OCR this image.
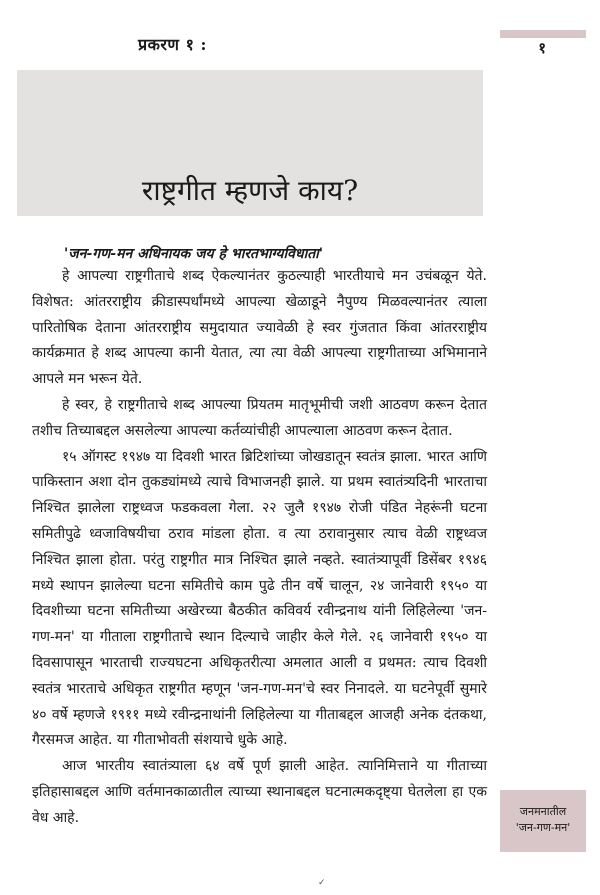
प्रकरण १ :	१
राष्ट्रगीत म्हणजे काय?
'जन-गण-मन अधिनायक जय हे भारतभाग्यविधाता'

हे आपल्या राष्ट्रगीताचे शब्द ऐकल्यानंतर कुठल्याही भारतीयाचे मन उचंबळून येते. विशेषत: आंतरराष्ट्रीय क्रीडास्पर्धांमध्ये आपल्या खेळाडूने नैपुण्य मिळवल्यानंतर त्याला पारितोषिक देताना आंतरराष्ट्रीय समुदायात ज्यावेळी हे स्वर गुंजतात किंवा आंतरराष्ट्रीय कार्यक्रमात हे शब्द आपल्या कानी येतात, त्या त्या वेळी आपल्या राष्ट्रगीताच्या अभिमानाने आपले मन भरून येते.

हे स्वर, हे राष्ट्रगीताचे शब्द आपल्या प्रियतम मातृभूमीची जशी आठवण करून देतात तशीच तिच्याबद्दल असलेल्या आपल्या कर्तव्यांचीही आपल्याला आठवण करून देतात.

१५ ऑगस्ट १९४७ या दिवशी भारत ब्रिटिशांच्या जोखडातून स्वतंत्र झाला. भारत आणि पाकिस्तान अशा दोन तुकड्यांमध्ये त्याचे विभाजनही झाले. या प्रथम स्वातंत्र्यदिनी भारताचा निश्चित झालेला राष्ट्रध्वज फडकवला गेला. २२ जुलै १९४७ रोजी पंडित नेहरूंनी घटना समितीपुढे ध्वजाविषयीचा ठराव मांडला होता. व त्या ठरावानुसार त्याच वेळी राष्ट्रध्वज निश्चित झाला होता. परंतु राष्ट्रगीत मात्र निश्चित झाले नव्हते. स्वातंत्र्यापूर्वी डिसेंबर १९४६ मध्ये स्थापन झालेल्या घटना समितीचे काम पुढे तीन वर्षे चालून, २४ जानेवारी १९५० या दिवशीच्या घटना समितीच्या अखेरच्या बैठकीत कविवर्य रवीन्द्रनाथ यांनी लिहिलेल्या 'जन-गण-मन' या गीताला राष्ट्रगीताचे स्थान दिल्याचे जाहीर केले गेले. २६ जानेवारी १९५० या दिवसापासून भारताची राज्यघटना अधिकृतरीत्या अमलात आली व प्रथमत: त्याच दिवशी स्वतंत्र भारताचे अधिकृत राष्ट्रगीत म्हणून 'जन-गण-मन'चे स्वर निनादले. या घटनेपूर्वी सुमारे ४० वर्षे म्हणजे १९११ मध्ये रवीन्द्रनाथांनी लिहिलेल्या या गीताबद्दल आजही अनेक दंतकथा, गैरसमज आहेत. या गीताभोवती संशयाचे धुके आहे.

आज भारतीय स्वातंत्र्याला ६४ वर्षे पूर्ण झाली आहेत. त्यानिमित्ताने या गीताच्या इतिहासाबद्दल आणि वर्तमानकाळातील त्याच्या स्थानाबद्दल घटनात्मकदृष्ट्या घेतलेला हा एक वेध आहे.	जनमनातील
'जन-गण-मन'
✓
